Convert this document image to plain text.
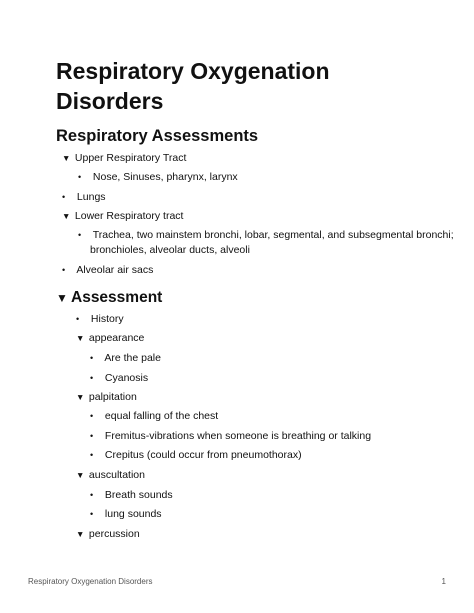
Respiratory Oxygenation Disorders
Respiratory Assessments
▼ Upper Respiratory Tract
• Nose, Sinuses, pharynx, larynx
• Lungs
▼ Lower Respiratory tract
• Trachea, two mainstem bronchi, lobar, segmental, and subsegmental bronchi;
bronchioles, alveolar ducts, alveoli
• Alveolar air sacs
▼ Assessment
• History
▼ appearance
• Are the pale
• Cyanosis
▼ palpitation
• equal falling of the chest
• Fremitus-vibrations when someone is breathing or talking
• Crepitus (could occur from pneumothorax)
▼ auscultation
• Breath sounds
• lung sounds
▼ percussion
Respiratory Oxygenation Disorders	1
